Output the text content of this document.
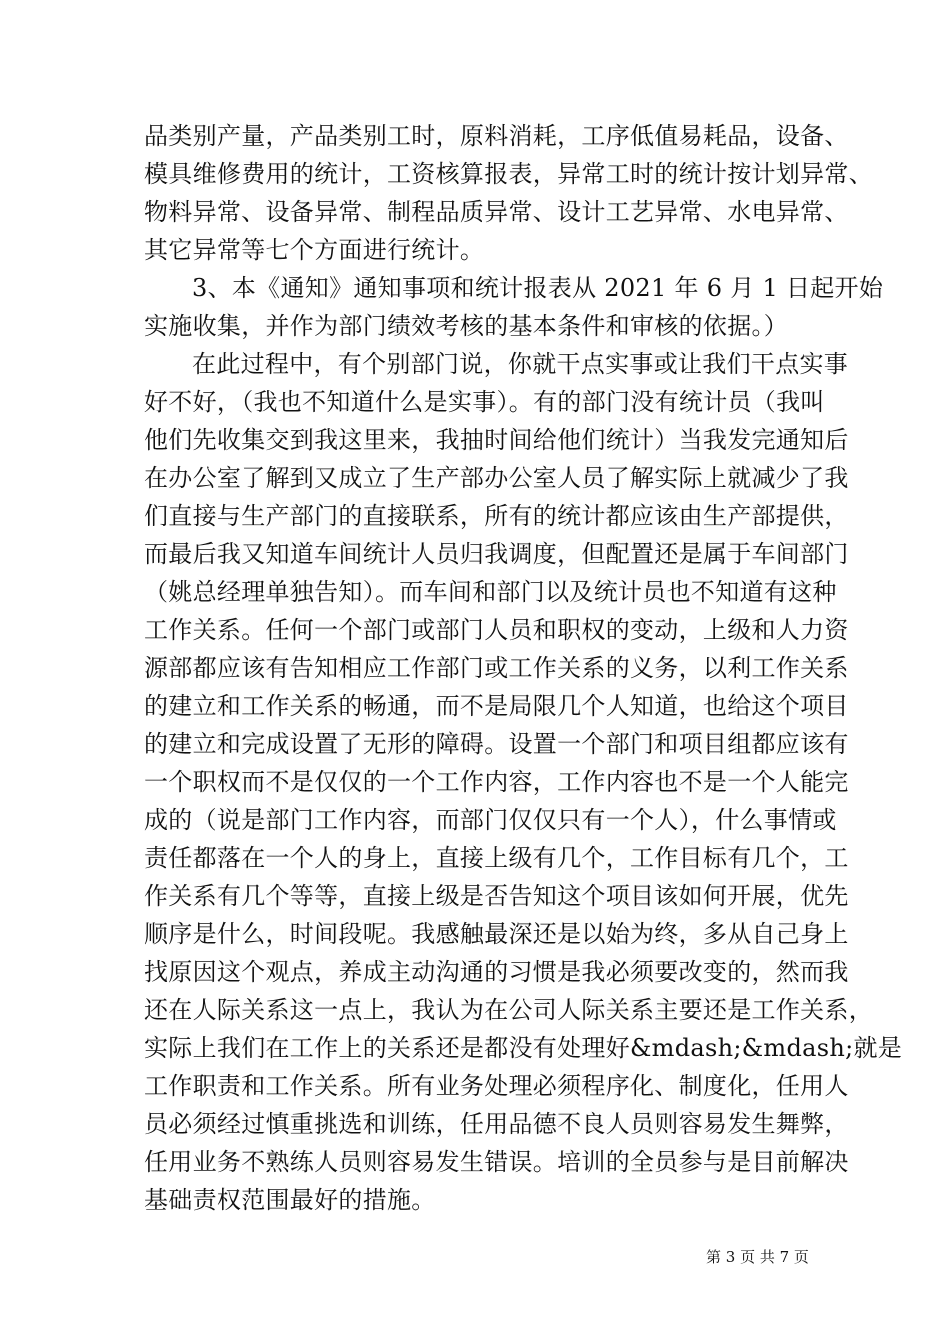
品类别产量，产品类别工时，原料消耗，工序低值易耗品，设备、
模具维修费用的统计，工资核算报表，异常工时的统计按计划异常、
物料异常、设备异常、制程品质异常、设计工艺异常、水电异常、
其它异常等七个方面进行统计。
3、本《通知》通知事项和统计报表从 2021 年 6 月 1 日起开始
实施收集，并作为部门绩效考核的基本条件和审核的依据。）
在此过程中，有个别部门说，你就干点实事或让我们干点实事
好不好，（我也不知道什么是实事）。有的部门没有统计员（我叫
他们先收集交到我这里来，我抽时间给他们统计）当我发完通知后
在办公室了解到又成立了生产部办公室人员了解实际上就减少了我
们直接与生产部门的直接联系，所有的统计都应该由生产部提供，
而最后我又知道车间统计人员归我调度，但配置还是属于车间部门
（姚总经理单独告知）。而车间和部门以及统计员也不知道有这种
工作关系。任何一个部门或部门人员和职权的变动，上级和人力资
源部都应该有告知相应工作部门或工作关系的义务，以利工作关系
的建立和工作关系的畅通，而不是局限几个人知道，也给这个项目
的建立和完成设置了无形的障碍。设置一个部门和项目组都应该有
一个职权而不是仅仅的一个工作内容，工作内容也不是一个人能完
成的（说是部门工作内容，而部门仅仅只有一个人），什么事情或
责任都落在一个人的身上，直接上级有几个，工作目标有几个，工
作关系有几个等等，直接上级是否告知这个项目该如何开展，优先
顺序是什么，时间段呢。我感触最深还是以始为终，多从自己身上
找原因这个观点，养成主动沟通的习惯是我必须要改变的，然而我
还在人际关系这一点上，我认为在公司人际关系主要还是工作关系，
实际上我们在工作上的关系还是都没有处理好&mdash;&mdash;就是
工作职责和工作关系。所有业务处理必须程序化、制度化，任用人
员必须经过慎重挑选和训练，任用品德不良人员则容易发生舞弊，
任用业务不熟练人员则容易发生错误。培训的全员参与是目前解决
基础责权范围最好的措施。
第 3 页 共 7 页
